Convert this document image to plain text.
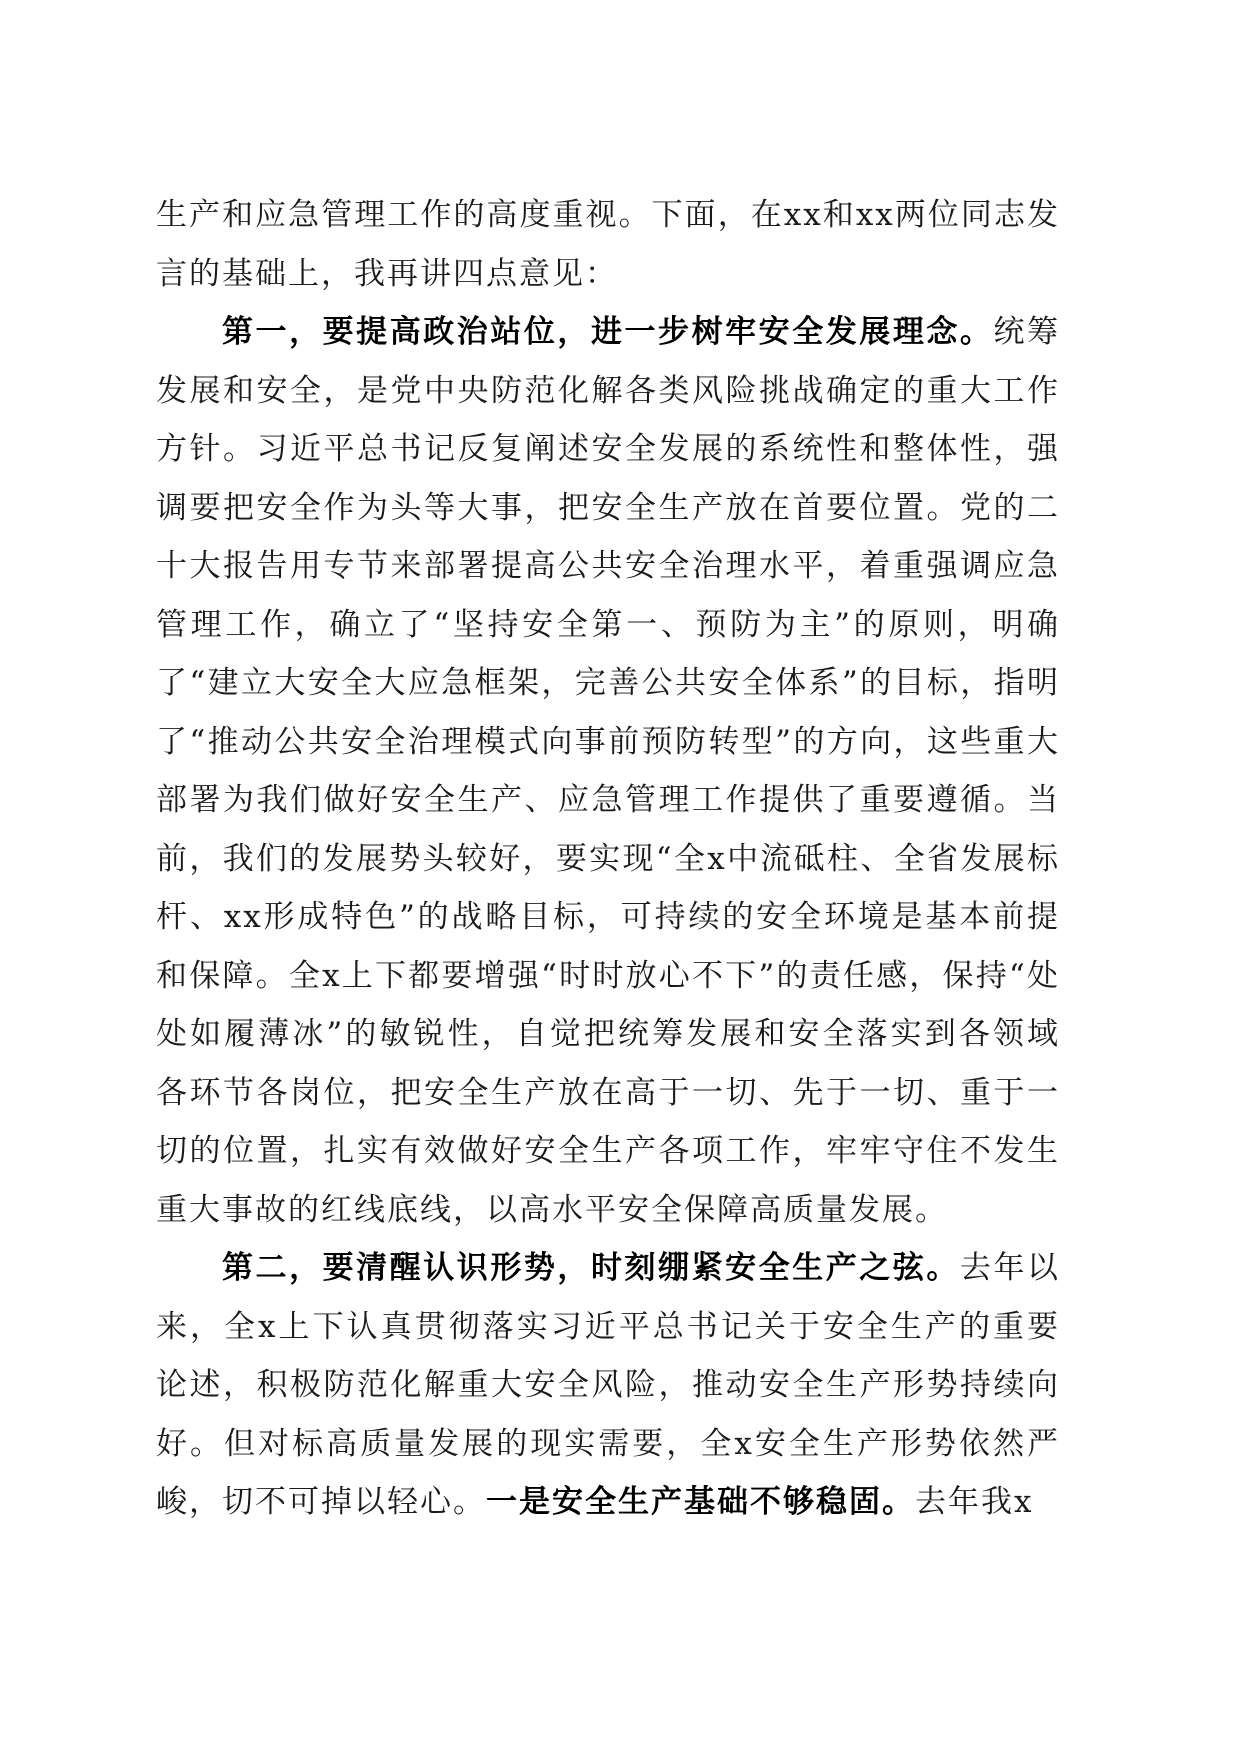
生产和应急管理工作的高度重视。下面，在xx和xx两位同志发言的基础上，我再讲四点意见：

第一，要提高政治站位，进一步树牢安全发展理念。统筹发展和安全，是党中央防范化解各类风险挑战确定的重大工作方针。习近平总书记反复阐述安全发展的系统性和整体性，强调要把安全作为头等大事，把安全生产放在首要位置。党的二十大报告用专节来部署提高公共安全治理水平，着重强调应急管理工作，确立了“坚持安全第一、预防为主”的原则，明确了“建立大安全大应急框架，完善公共安全体系”的目标，指明了“推动公共安全治理模式向事前预防转型”的方向，这些重大部署为我们做好安全生产、应急管理工作提供了重要遵循。当前，我们的发展势头较好，要实现“全x中流砥柱、全省发展标杆、xx形成特色”的战略目标，可持续的安全环境是基本前提和保障。全x上下都要增强“时时放心不下”的责任感，保持“处处如履薄冰”的敏锐性，自觉把统筹发展和安全落实到各领域各环节各岗位，把安全生产放在高于一切、先于一切、重于一切的位置，扎实有效做好安全生产各项工作，牢牢守住不发生重大事故的红线底线，以高水平安全保障高质量发展。

第二，要清醒认识形势，时刻绷紧安全生产之弦。去年以来，全x上下认真贯彻落实习近平总书记关于安全生产的重要论述，积极防范化解重大安全风险，推动安全生产形势持续向好。但对标高质量发展的现实需要，全x安全生产形势依然严峻，切不可掉以轻心。一是安全生产基础不够稳固。去年我x
